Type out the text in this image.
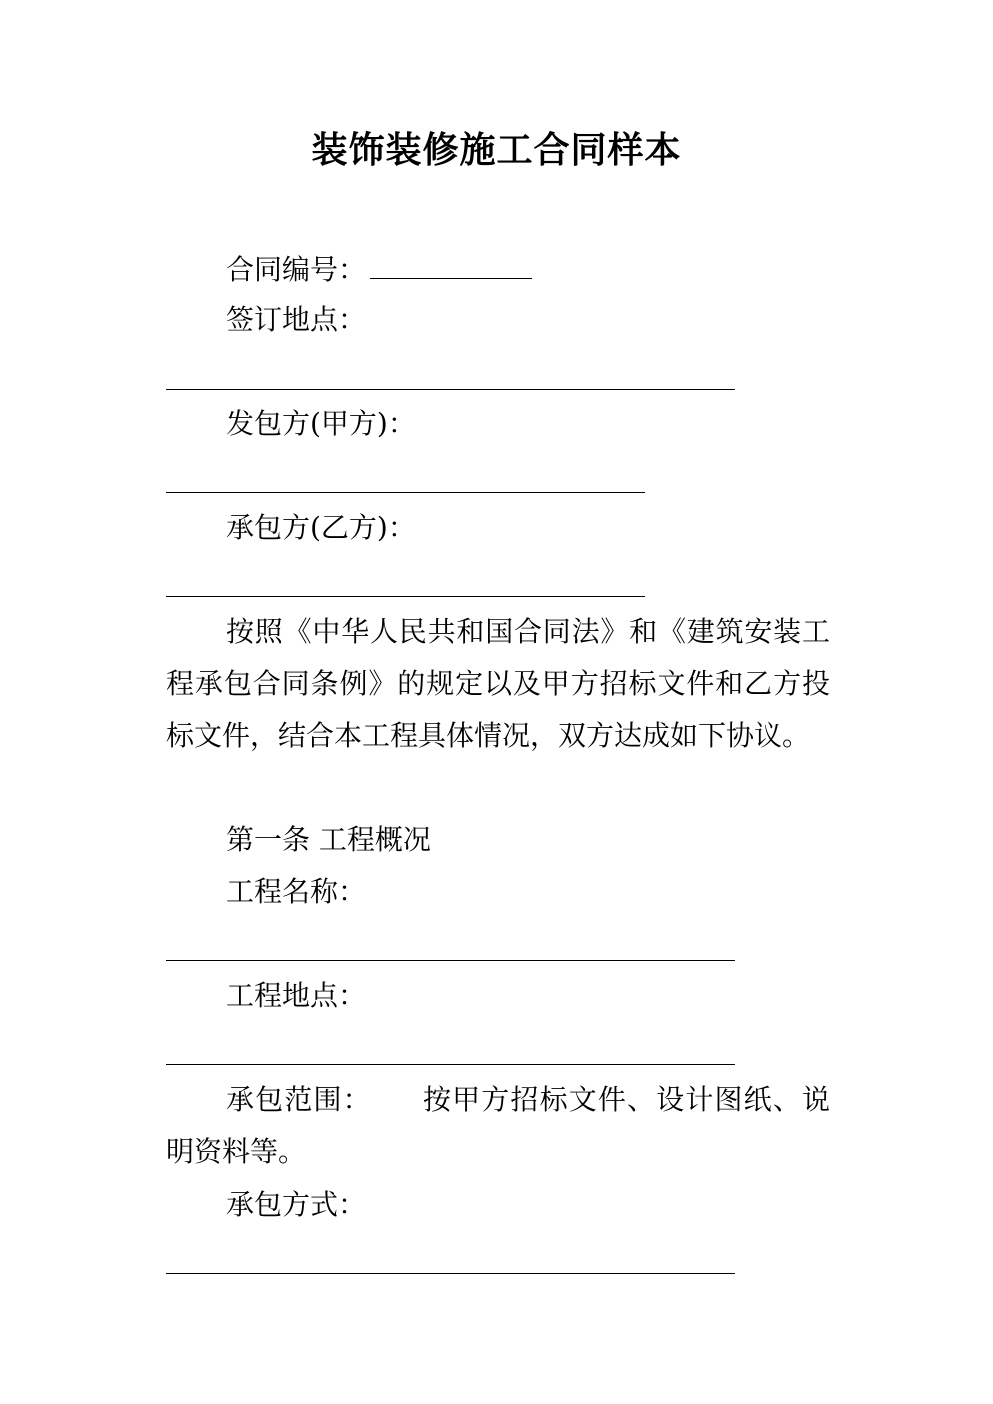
装饰装修施工合同样本
合同编号：
签订地点：
发包方(甲方)：
承包方(乙方)：
按照《中华人民共和国合同法》和《建筑安装工程承包合同条例》的规定以及甲方招标文件和乙方投标文件，结合本工程具体情况，双方达成如下协议。
第一条 工程概况
工程名称：
工程地点：
承包范围： 按甲方招标文件、设计图纸、说明资料等。
承包方式：
